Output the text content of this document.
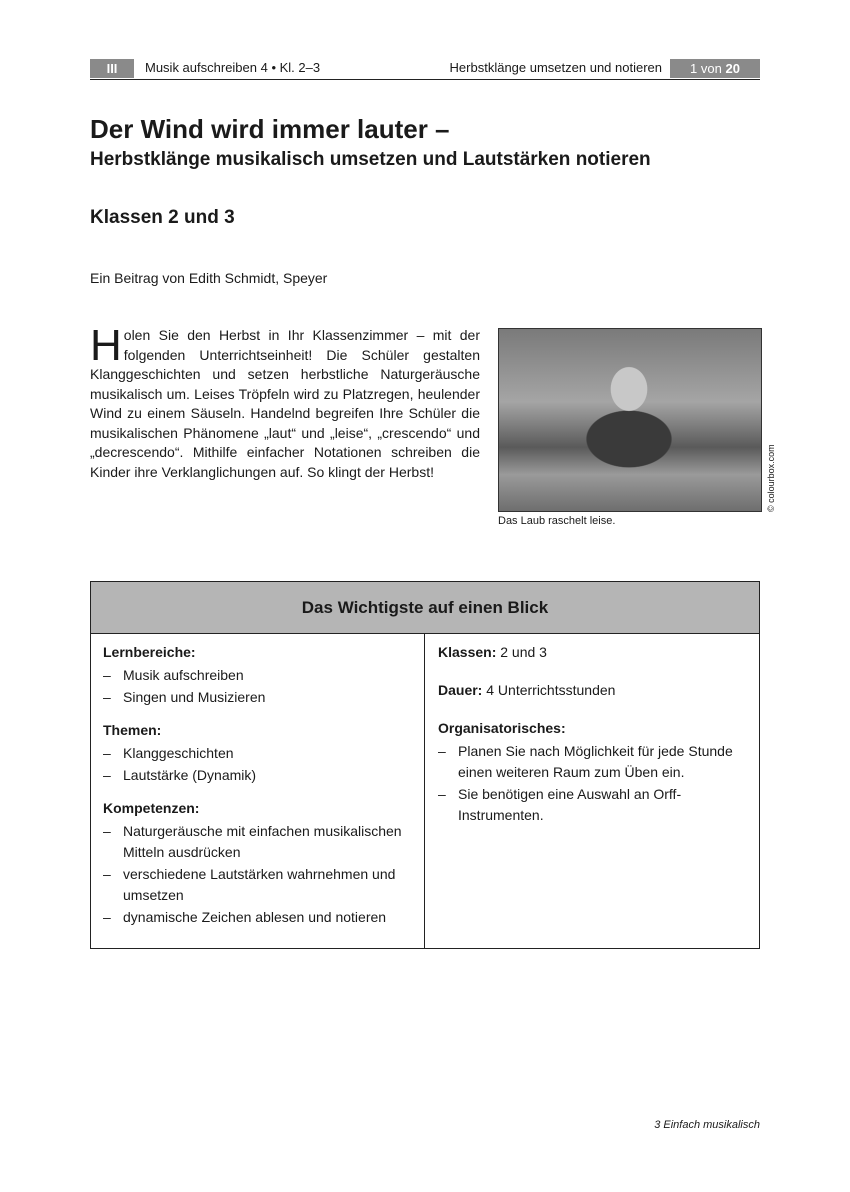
III	Musik aufschreiben 4 • Kl. 2–3	Herbstklänge umsetzen und notieren	1 von 20
Der Wind wird immer lauter –
Herbstklänge musikalisch umsetzen und Lautstärken notieren
Klassen 2 und 3
Ein Beitrag von Edith Schmidt, Speyer

Holen Sie den Herbst in Ihr Klassenzimmer – mit der folgenden Unterrichtseinheit! Die Schüler gestalten Klanggeschichten und setzen herbstliche Naturgeräusche musikalisch um. Leises Tröpfeln wird zu Platzregen, heulender Wind zu einem Säuseln. Handelnd begreifen Ihre Schüler die musikalischen Phänomene „laut“ und „leise“, „crescendo“ und „decrescendo“. Mithilfe einfacher Notationen schreiben die Kinder ihre Verklanglichungen auf. So klingt der Herbst!	© colourbox.com
Das Laub raschelt leise.
Das Wichtigste auf einen Blick
Lernbereiche:
– Musik aufschreiben
– Singen und Musizieren
Themen:
– Klanggeschichten
– Lautstärke (Dynamik)
Kompetenzen:
– Naturgeräusche mit einfachen musikalischen Mitteln ausdrücken
– verschiedene Lautstärken wahrnehmen und umsetzen
– dynamische Zeichen ablesen und notieren

Klassen: 2 und 3

Dauer: 4 Unterrichtsstunden

Organisatorisches:
– Planen Sie nach Möglichkeit für jede Stunde einen weiteren Raum zum Üben ein.
– Sie benötigen eine Auswahl an Orff-Instrumenten.
3 Einfach musikalisch
